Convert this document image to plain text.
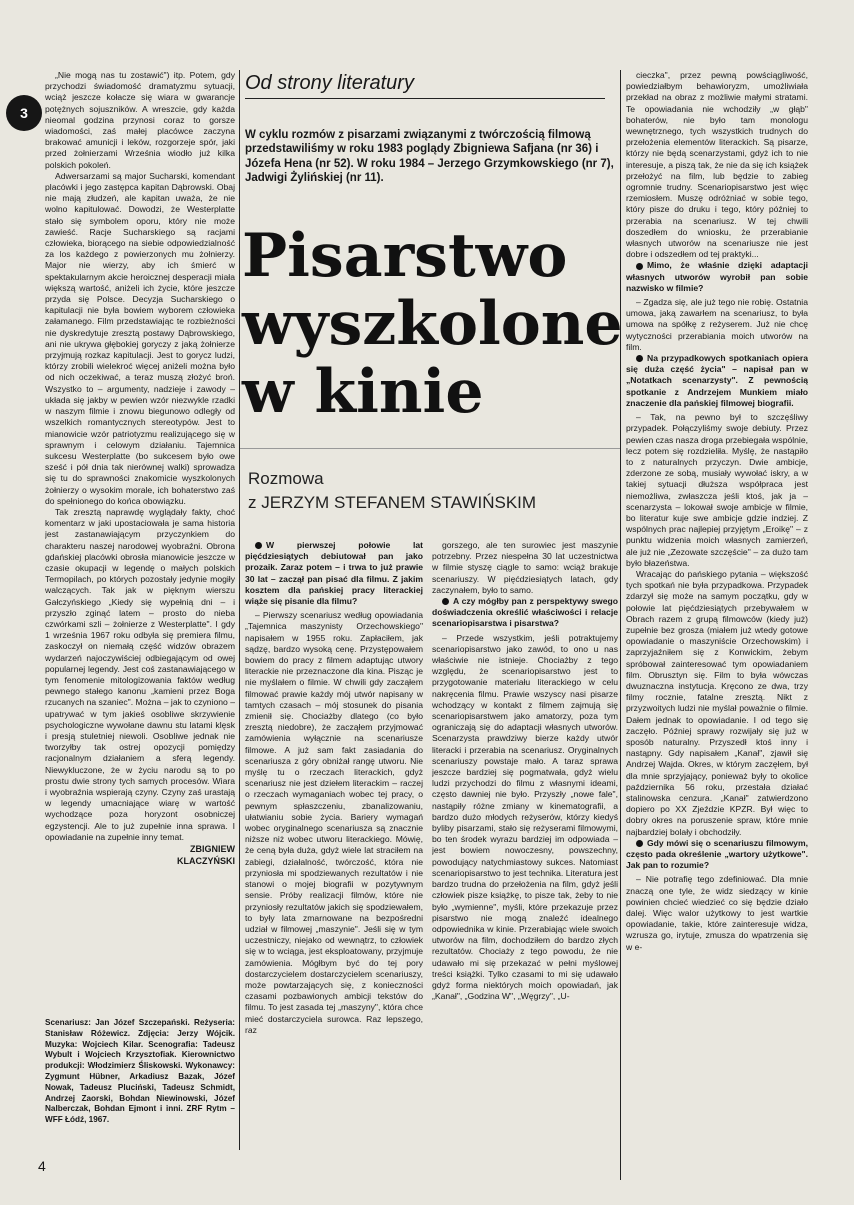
3

„Nie mogą nas tu zostawić") itp. Potem, gdy przychodzi świadomość dramatyzmu sytuacji, wciąż jeszcze kołacze się wiara w gwarancje potężnych sojuszników. A wreszcie, gdy każda nieomal godzina przynosi coraz to gorsze wiadomości, zaś małej placówce zaczyna brakować amunicji i leków, rozgorzeje spór, jaki przed żołnierzami Września wiodło już kilka polskich pokoleń.

Adwersarzami są major Sucharski, komendant placówki i jego zastępca kapitan Dąbrowski. Obaj nie mają złudzeń, ale kapitan uważa, że nie wolno kapitulować. Dowodzi, że Westerplatte stało się symbolem oporu, który nie może zawieść. Racje Sucharskiego są racjami człowieka, biorącego na siebie odpowiedzialność za los każdego z powierzonych mu żołnierzy. Major nie wierzy, aby ich śmierć w spektakularnym akcie heroicznej desperacji miała większą wartość, aniżeli ich życie, które jeszcze przyda się Polsce. Decyzja Sucharskiego o kapitulacji nie była bowiem wyborem człowieka załamanego. Film przedstawiając te rozbieżności nie dyskredytuje zresztą postawy Dąbrowskiego, ani nie ukrywa głębokiej goryczy z jaką żołnierze przyjmują rozkaz kapitulacji. Jest to gorycz ludzi, którzy zrobili wielekroć więcej aniżeli można było od nich oczekiwać, a teraz muszą złożyć broń. Wszystko to – argumenty, nadzieje i zawody – układa się jakby w pewien wzór niezwykle rzadki w naszym filmie i znowu biegunowo odległy od wszelkich romantycznych stereotypów. Jest to mianowicie wzór patriotyzmu realizującego się w sprawnym i celowym działaniu. Tajemnica sukcesu Westerplatte (bo sukcesem było owe sześć i pół dnia tak nierównej walki) sprowadza się tu do sprawności znakomicie wyszkolonych żołnierzy o wysokim morale, ich bohaterstwo zaś do spełnionego do końca obowiązku.

Tak zresztą naprawdę wyglądały fakty, choć komentarz w jaki upostaciowała je sama historia jest zastanawiającym przyczynkiem do charakteru naszej narodowej wyobraźni. Obrona gdańskiej placówki obrosła mianowicie jeszcze w czasie okupacji w legendę o małych polskich Termopilach, po których pozostały jedynie mogiły walczących. Tak jak w pięknym wierszu Gałczyńskiego „Kiedy się wypełnią dni – i przyszło zginąć latem – prosto do nieba czwórkami szli – żołnierze z Westerplatte". I gdy 1 września 1967 roku odbyła się premiera filmu, zaskoczył on niemałą część widzów obrazem wydarzeń najoczywiściej odbiegającym od owej popularnej legendy. Jest coś zastanawiającego w tym fenomenie mitologizowania faktów według pewnego stałego kanonu „kamieni przez Boga rzucanych na szaniec". Można – jak to czyniono – upatrywać w tym jakieś osobliwe skrzywienie psychologiczne wywołane dawnu stu latami klęsk i presją stuletniej niewoli. Osobliwe jednak nie tworzyłby tak ostrej opozycji pomiędzy racjonalnym działaniem a sferą legendy. Niewykluczone, że w życiu narodu są to po prostu dwie strony tych samych procesów. Wiara i wyobraźnia wspierają czyny. Czyny zaś urastają w legendy umacniające wiarę w wartość wychodzące poza horyzont osobniczej egzystencji. Ale to już zupełnie inna sprawa. I opowiadanie na zupełnie inny temat.

ZBIGNIEW
KLACZYŃSKI
Scenariusz: Jan Józef Szczepański. Reżyseria: Stanisław Różewicz. Zdjęcia: Jerzy Wójcik. Muzyka: Wojciech Kilar. Scenografia: Tadeusz Wybult i Wojciech Krzysztofiak. Kierownictwo produkcji: Włodzimierz Śliskowski. Wykonawcy: Zygmunt Hübner, Arkadiusz Bazak, Józef Nowak, Tadeusz Pluciński, Tadeusz Schmidt, Andrzej Zaorski, Bohdan Niewinowski, Józef Nalberczak, Bohdan Ejmont i inni. ZRF Rytm – WFF Łódź, 1967.
Od strony literatury
W cyklu rozmów z pisarzami związanymi z twórczością filmową przedstawiliśmy w roku 1983 poglądy Zbigniewa Safjana (nr 36) i Józefa Hena (nr 52). W roku 1984 – Jerzego Grzymkowskiego (nr 7), Jadwigi Żylińskiej (nr 11).
Pisarstwo
wyszkolone
w kinie
Rozmowa
z JERZYM STEFANEM STAWIŃSKIM

W pierwszej połowie lat pięćdziesiątych debiutował pan jako prozaik. Zaraz potem – i trwa to już prawie 30 lat – zaczął pan pisać dla filmu. Z jakim kosztem dla pańskiej pracy literackiej wiąże się pisanie dla filmu?

– Pierwszy scenariusz według opowiadania „Tajemnica maszynisty Orzechowskiego" napisałem w 1955 roku. Zapłaciłem, jak sądzę, bardzo wysoką cenę. Przystępowałem bowiem do pracy z filmem adaptując utwory literackie nie przeznaczone dla kina. Pisząc je nie myślałem o filmie. W chwili gdy zacząłem filmować prawie każdy mój utwór napisany w tamtych czasach – mój stosunek do pisania zmienił się. Chociażby dlatego (co było zresztą niedobre), że zacząłem przyjmować zamówienia wyłącznie na scenariusze filmowe. A już sam fakt zasiadania do scenariusza z góry obniżał rangę utworu. Nie myślę tu o rzeczach literackich, gdyż scenariusz nie jest dziełem literackim – raczej o rzeczach wymaganiach wobec tej pracy, o pewnym spłaszczeniu, zbanalizowaniu, ułatwianiu sobie życia. Bariery wymagań wobec oryginalnego scenariusza są znacznie niższe niż wobec utworu literackiego. Mówię, że ceną była duża, gdyż wiele lat straciłem na zabiegi, działalność, twórczość, która nie przyniosła mi spodziewanych rezultatów i nie stanowi o mojej biografii w pozytywnym sensie. Próby realizacji filmów, które nie przyniosły rezultatów jakich się spodziewałem, to były lata zmarnowane na bezpośredni udział w filmowej „maszynie". Jeśli się w tym uczestniczy, niejako od wewnątrz, to człowiek się w to wciąga, jest eksploatowany, przyjmuje zamówienia. Mógłbym być do tej pory dostarczycielem dostarczycielem scenariuszy, może powtarzających się, z konieczności czasami pozbawionych ambicji tekstów do filmu. To jest zasada tej „maszyny", która chce mieć dostarczyciela surowca. Raz lepszego, raz

gorszego, ale ten surowiec jest maszynie potrzebny. Przez niespełna 30 lat uczestnictwa w filmie styszę ciągle to samo: wciąż brakuje scenariuszy. W pięćdziesiątych latach, gdy zaczynałem, było to samo.

A czy mógłby pan z perspektywy swego doświadczenia określić właściwości i relacje scenariopisarstwa i pisarstwa?

– Przede wszystkim, jeśli potraktujemy scenariopisarstwo jako zawód, to ono u nas właściwie nie istnieje. Chociażby z tego względu, że scenariopisarstwo jest to przygotowanie materiału literackiego w celu nakręcenia filmu. Prawie wszyscy nasi pisarze wchodzący w kontakt z filmem zajmują się scenariopisarstwem jako amatorzy, poza tym ograniczają się do adaptacji własnych utworów. Scenarzysta prawdziwy bierze każdy utwór literacki i przerabia na scenariusz. Oryginalnych scenariuszy powstaje mało. A taraz sprawa jeszcze bardziej się pogmatwała, gdyż wielu ludzi przychodzi do filmu z własnymi ideami, często dawniej nie było. Przyszły „nowe fale", nastąpiły różne zmiany w kinematografii, a bardzo dużo młodych reżyserów, którzy kiedyś byliby pisarzami, stało się reżyserami filmowymi, bo ten środek wyrazu bardziej im odpowiada – jest bowiem nowoczesny, powszechny, powodujący natychmiastowy sukces. Natomiast scenariopisarstwo to jest technika. Literatura jest bardzo trudna do przełożenia na film, gdyż jeśli człowiek pisze książkę, to pisze tak, żeby to nie było „wymienne", myśli, które przekazuje przez pisarstwo nie mogą znaleźć idealnego odpowiednika w kinie. Przerabiając wiele swoich utworów na film, dochodziłem do bardzo złych rezultatów. Chociaży z tego powodu, że nie udawało mi się przekazać w pełni myślowej treści książki. Tylko czasami to mi się udawało gdyż forma niektórych moich opowiadań, jak „Kanał", „Godzina W", „Węgrzy", „U-

cieczka", przez pewną powściągliwość, powiedziałbym behawioryzm, umożliwiała przekład na obraz z możliwie małymi stratami. Te opowiadania nie wchodziły „w głąb" bohaterów, nie było tam monologu wewnętrznego, tych wszystkich trudnych do przełożenia elementów literackich. Są pisarze, którzy nie będą scenarzystami, gdyż ich to nie interesuje, a piszą tak, że nie da się ich książek przełożyć na film, lub będzie to zabieg ogromnie trudny. Scenariopisarstwo jest więc rzemiosłem. Muszę odróżniać w sobie tego, który pisze do druku i tego, który później to przerabia na scenariusz. W tej chwili doszedłem do wniosku, że przerabianie własnych utworów na scenariusze nie jest dobre i odszedłem od tej praktyki...

Mimo, że właśnie dzięki adaptacji własnych utworów wyrobił pan sobie nazwisko w filmie?

– Zgadza się, ale już tego nie robię. Ostatnia umowa, jaką zawarłem na scenariusz, to była umowa na spółkę z reżyserem. Już nie chcę wytyczności przerabiania moich utworów na film.

Na przypadkowych spotkaniach opiera się duża część życia" – napisał pan w „Notatkach scenarzysty". Z pewnością spotkanie z Andrzejem Munkiem miało znaczenie dla pańskiej filmowej biografii.

– Tak, na pewno był to szczęśliwy przypadek. Połączyliśmy swoje debiuty. Przez pewien czas nasza droga przebiegała wspólnie, lecz potem się rozdzieliła. Myślę, że nastąpiło to z naturalnych przyczyn. Dwie ambicje, zderzone ze sobą, musiały wywołać iskry, a w takiej sytuacji dłuższa współpraca jest niemożliwa, zwłaszcza jeśli ktoś, jak ja – scenarzysta – lokował swoje ambicje w filmie, bo literatur kuje swe ambicje gdzie indziej. Z wspólnych prac najlepiej przyjętym „Eroikę" – z punktu widzenia moich własnych zamierzeń, ale już nie „Zezowate szczęście" – za dużo tam było błazeństwa.

Wracając do pańskiego pytania – większość tych spotkań nie była przypadkowa. Przypadek zdarzył się może na samym początku, gdy w połowie lat pięćdziesiątych przebywałem w Obrach razem z grupą filmowców (kiedy już) zupełnie bez grosza (miałem już wtedy gotowe opowiadanie o maszyniście Orzechowskim) i zaprzyjaźniłem się z Konwickim, żebym spróbował zainteresować tym opowiadaniem film. Obrusztyn się. Film to była wówczas dwuznaczna instytucja. Kręcono ze dwa, trzy filmy rocznie, fatalne zresztą. Nikt z przyzwoitych ludzi nie myślał poważnie o filmie. Dałem jednak to opowiadanie. I od tego się zaczęło. Później sprawy rozwijały się już w sposób naturalny. Przyszedł ktoś inny i nastąpny. Gdy napisałem „Kanał", zjawił się Andrzej Wajda. Okres, w którym zaczęłem, był dla mnie sprzyjający, ponieważ były to okolice października 56 roku, przestała działać stalinowska cenzura. „Kanał" zatwierdzono dopiero po XX Zjeździe KPZR. Był więc to dobry okres na poruszenie spraw, które mnie najbardziej bolały i obchodziły.

Gdy mówi się o scenariuszu filmowym, często pada określenie „wartory użytkowe". Jak pan to rozumie?

– Nie potrafię tego zdefiniować. Dla mnie znaczą one tyle, że widz siedzący w kinie powinien chcieć wiedzieć co się będzie działo dalej. Więc walor użytkowy to jest wartkie opowiadanie, takie, które zainteresuje widza, wzrusza go, irytuje, zmusza do wpatrzenia się w e-

4
